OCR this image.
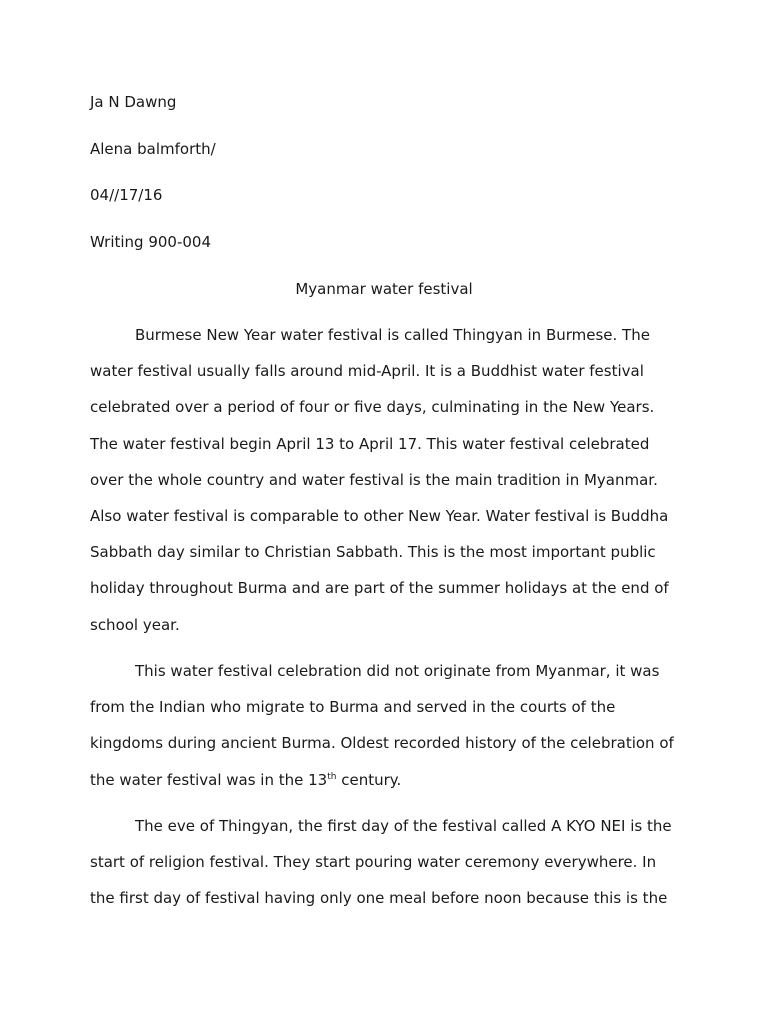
Ja N Dawng
Alena balmforth/
04//17/16
Writing 900-004
Myanmar water festival

Burmese New Year water festival is called Thingyan in Burmese. The
water festival usually falls around mid-April. It is a Buddhist water festival
celebrated over a period of four or five days, culminating in the New Years.
The water festival begin April 13 to April 17. This water festival celebrated
over the whole country and water festival is the main tradition in Myanmar.
Also water festival is comparable to other New Year. Water festival is Buddha
Sabbath day similar to Christian Sabbath. This is the most important public
holiday throughout Burma and are part of the summer holidays at the end of
school year.

This water festival celebration did not originate from Myanmar, it was
from the Indian who migrate to Burma and served in the courts of the
kingdoms during ancient Burma. Oldest recorded history of the celebration of
the water festival was in the 13th century.

The eve of Thingyan, the first day of the festival called A KYO NEI is the
start of religion festival. They start pouring water ceremony everywhere. In
the first day of festival having only one meal before noon because this is the
